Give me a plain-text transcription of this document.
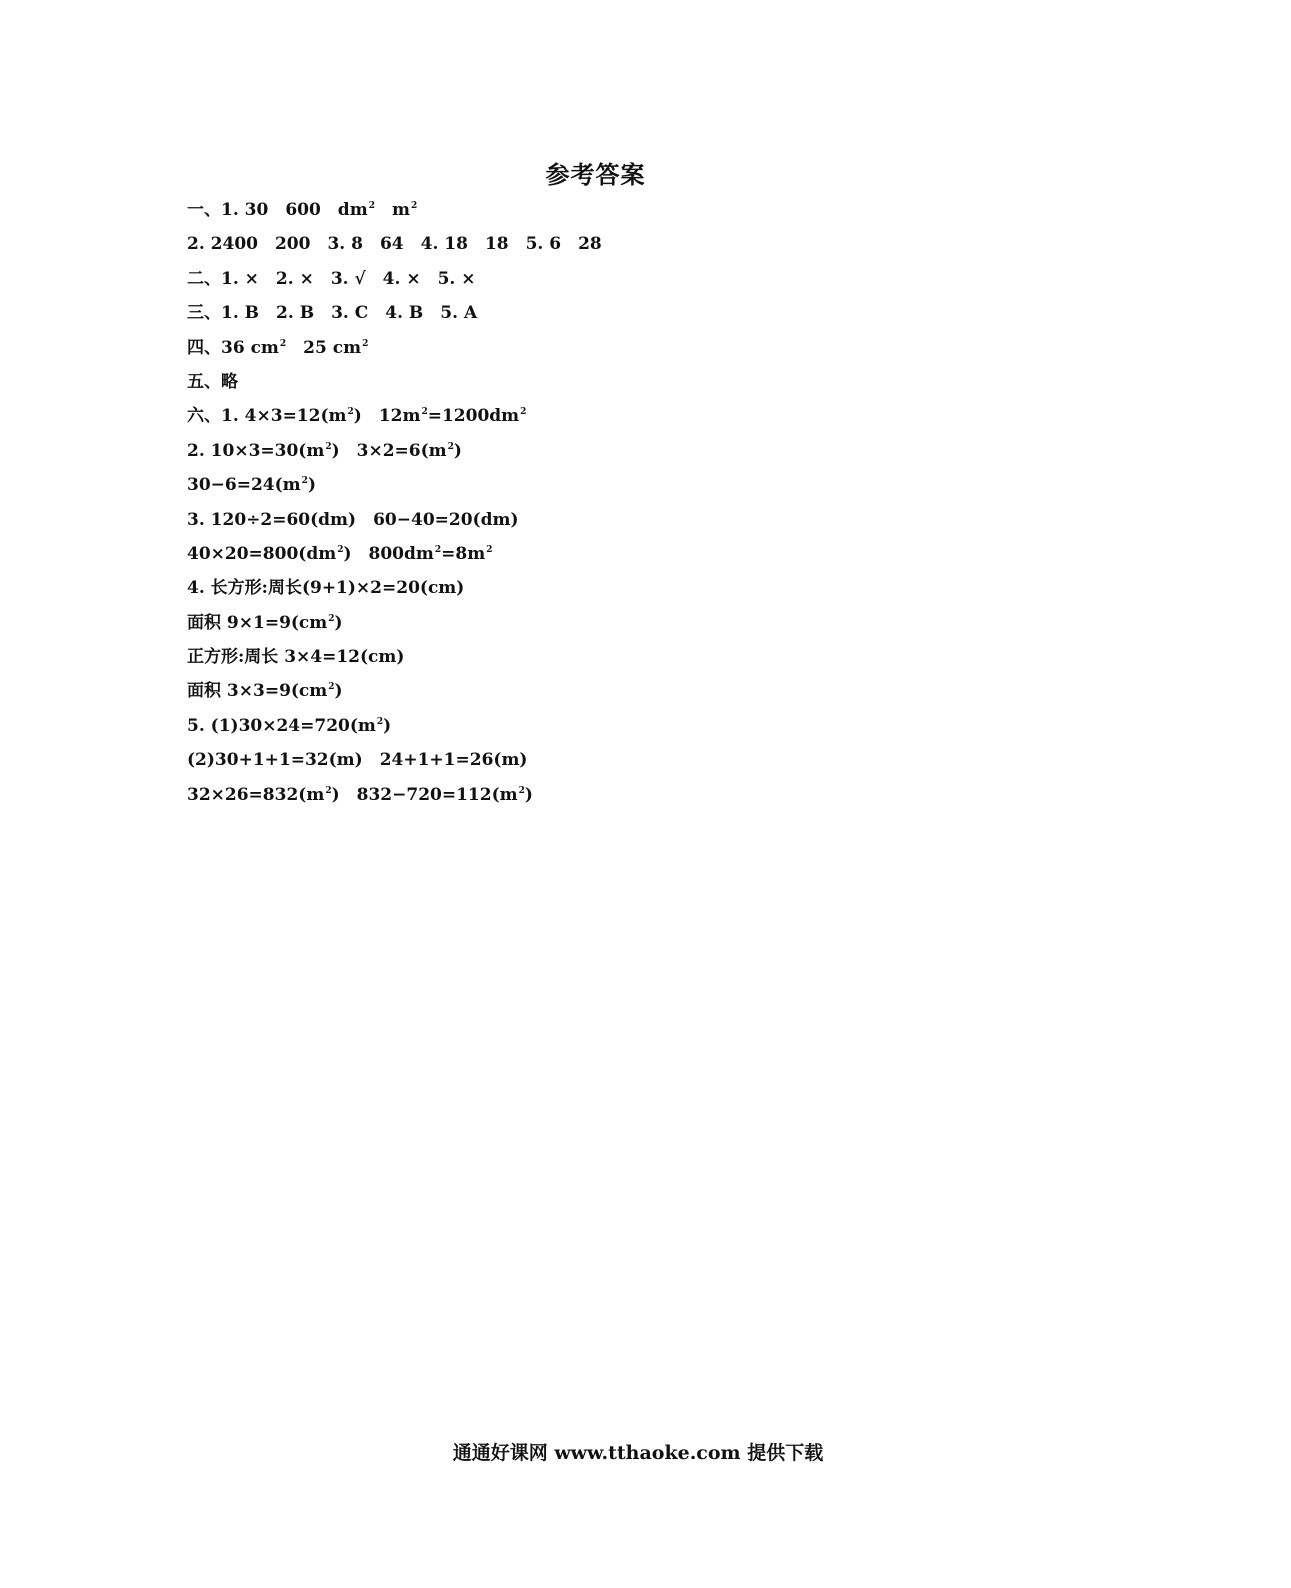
参考答案
一、1. 30　600　$dm^2$　$m^2$
2. 2400　200　3. 8　64　4. 18　18　5. 6　28
二、1. ×　2. ×　3. √　4. ×　5. ×
三、1. B　2. B　3. C　4. B　5. A
四、36 $cm^2$　25 $cm^2$
五、略
六、1. $4\times 3=12(m^2)$　$12m^2=1200dm^2$
2. $10\times 3=30(m^2)$　$3\times 2=6(m^2)$
$30-6=24(m^2)$
3. 120÷2=60(dm)　60−40=20(dm)
$40\times 20=800(dm^2)$　$800dm^2=8m^2$
4. 长方形:周长(9+1)×2=20(cm)
面积 $9\times 1=9(cm^2)$
正方形:周长 3×4=12(cm)
面积 $3\times 3=9(cm^2)$
5. $(1)30\times 24=720(m^2)$
(2)30+1+1=32(m)　24+1+1=26(m)
$32\times 26=832(m^2)$　$832-720=112(m^2)$
通通好课网 www.tthaoke.com 提供下载
